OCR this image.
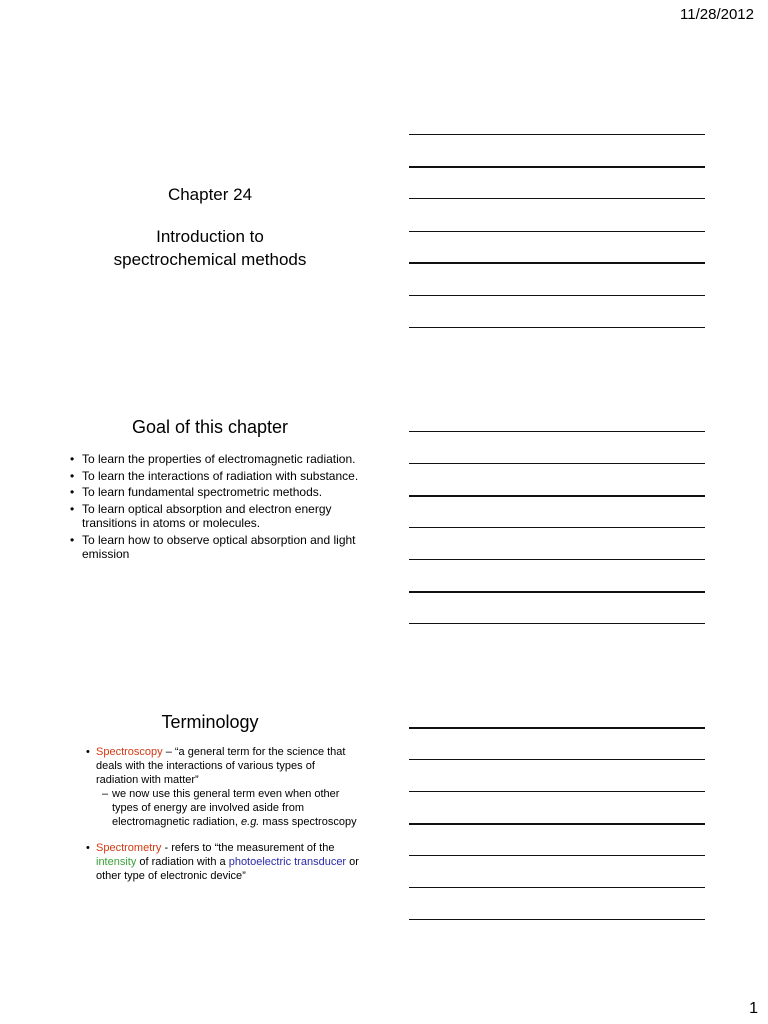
11/28/2012
Chapter 24
Introduction to
spectrochemical methods
Goal of this chapter
• To learn the properties of electromagnetic radiation.
• To learn the interactions of radiation with substance.
• To learn fundamental spectrometric methods.
• To learn optical absorption and electron energy transitions in atoms or molecules.
• To learn how to observe optical absorption and light emission
Terminology
• Spectroscopy – “a general term for the science that deals with the interactions of various types of radiation with matter”
– we now use this general term even when other types of energy are involved aside from electromagnetic radiation, e.g. mass spectroscopy
• Spectrometry - refers to “the measurement of the intensity of radiation with a photoelectric transducer or other type of electronic device”
1
